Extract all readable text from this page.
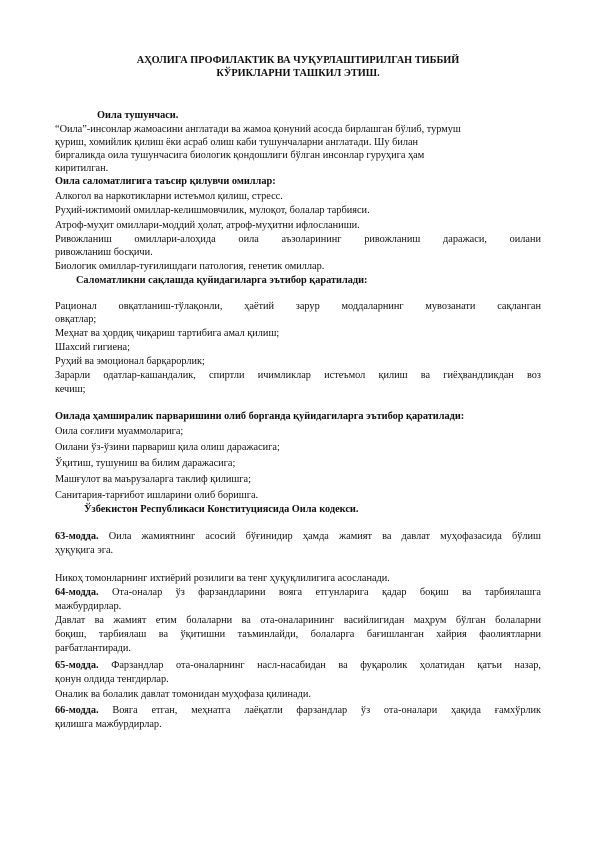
АҲОЛИГА ПРОФИЛАКТИК ВА ЧУҚУРЛАШТИРИЛГАН ТИББИЙ
КЎРИКЛАРНИ ТАШКИЛ ЭТИШ.
Оила тушунчаси.
“Оила”-инсонлар жамоасини англатади ва жамоа қонуний асосда бирлашган бўлиб, турмуш
қуриш, хомийлик қилиш ёки асраб олиш каби тушунчаларни англатади. Шу билан
биргаликда оила тушунчасига биологик қондошлиги бўлган инсонлар гуруҳига ҳам
киритилган.
Оила саломатлигига таъсир қилувчи омиллар:
Алкогол ва наркотикларни истеъмол қилиш, стресс.
Руҳий-ижтимоий омиллар-келишмовчилик, мулоқот, болалар тарбияси.
Атроф-муҳит омиллари-моддий ҳолат, атроф-муҳитни ифлосланиши.
Ривожланиш омиллари-алоҳида оила аъзоларининг ривожланиш даражаси, оилани
ривожланиш босқичи.
Биологик омиллар-туғилишдаги патология, генетик омиллар.
Саломатликни сақлашда қуйидагиларга эътибор қаратилади:
Рационал овқатланиш-тўлақонли, ҳаётий зарур моддаларнинг мувозанати сақланган
овқатлар;
Меҳнат ва ҳордиқ чиқариш тартибига амал қилиш;
Шахсий гигиена;
Руҳий ва эмоционал барқарорлик;
Зарарли одатлар-кашандалик, спиртли ичимликлар истеъмол қилиш ва гиёҳвандликдан воз
кечиш;
Оилада ҳамширалик парваришини олиб борганда қуйидагиларга эътибор қаратилади:
Оила соғлиғи муаммоларига;
Оилани ўз-ўзини парвариш қила олиш даражасига;
Ўқитиш, тушуниш ва билим даражасига;
Машғулот ва маърузаларга таклиф қилишга;
Санитария-тарғибот ишларини олиб боришга.
Ўзбекистон Республикаси Конституциясида Оила кодекси.
63-модда. Оила жамиятнинг асосий бўғинидир ҳамда жамият ва давлат муҳофазасида бўлиш
ҳуқуқига эга.
Никоҳ томонларнинг ихтиёрий розилиги ва тенг ҳуқуқлилигига асосланади.
64-модда. Ота-оналар ўз фарзандларини вояга етгунларига қадар боқиш ва тарбиялашга
мажбурдирлар.
Давлат ва жамият етим болаларни ва ота-оналарининг васийлигидан маҳрум бўлган болаларни
боқиш, тарбиялаш ва ўқитишни таъминлайди, болаларга бағишланган хайрия фаолиятларни
рағбатлантиради.
65-модда. Фарзандлар ота-оналарнинг насл-насабидан ва фуқаролик ҳолатидан қатъи назар,
қонун олдида тенгдирлар.
Оналик ва болалик давлат томонидан муҳофаза қилинади.
66-модда. Вояга етган, меҳнатга лаёқатли фарзандлар ўз ота-оналари ҳақида ғамхўрлик
қилишга мажбурдирлар.
